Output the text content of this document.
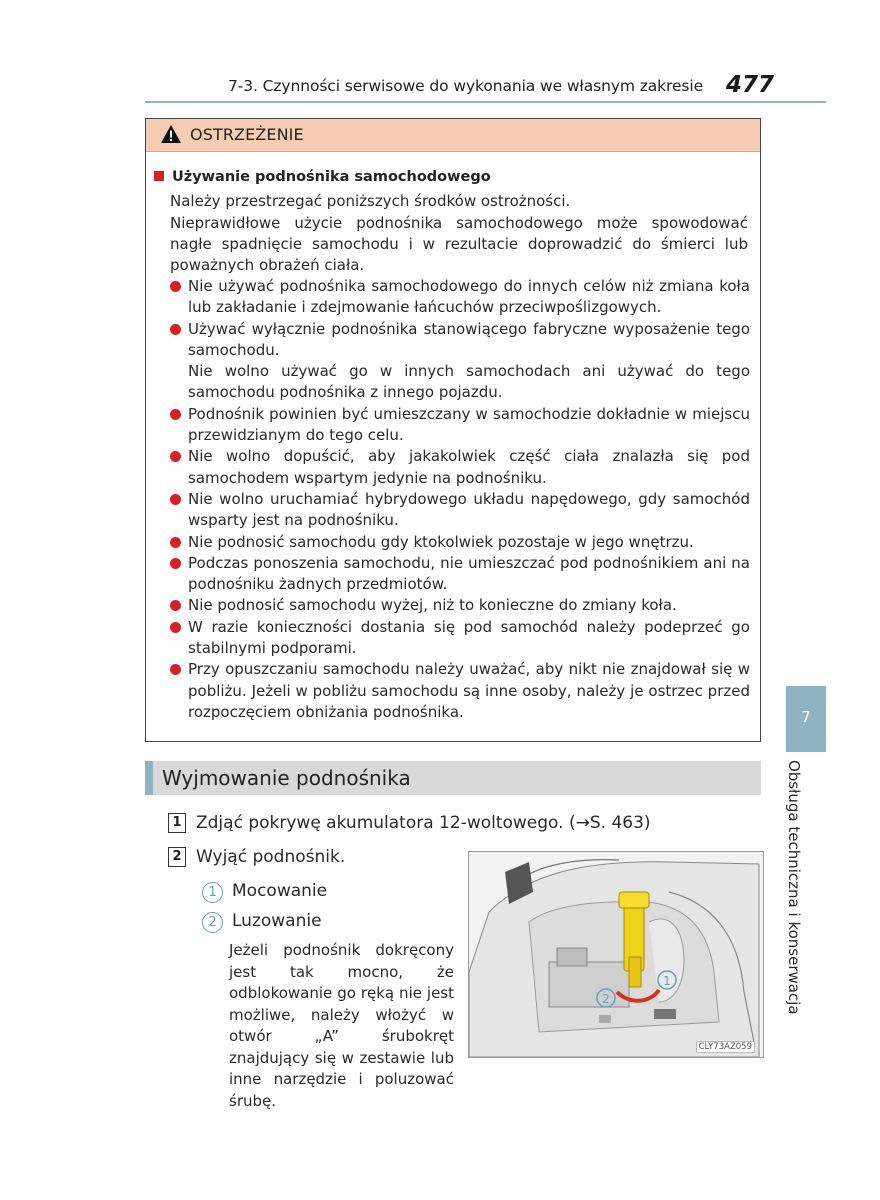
7-3. Czynności serwisowe do wykonania we własnym zakresie 477
OSTRZEŻENIE
Używanie podnośnika samochodowego
Należy przestrzegać poniższych środków ostrożności.
Nieprawidłowe użycie podnośnika samochodowego może spowodować nagłe spadnięcie samochodu i w rezultacie doprowadzić do śmierci lub poważnych obrażeń ciała.
Nie używać podnośnika samochodowego do innych celów niż zmiana koła lub zakładanie i zdejmowanie łańcuchów przeciwpoślizgowych.
Używać wyłącznie podnośnika stanowiącego fabryczne wyposażenie tego samochodu.
Nie wolno używać go w innych samochodach ani używać do tego samochodu podnośnika z innego pojazdu.
Podnośnik powinien być umieszczany w samochodzie dokładnie w miejscu przewidzianym do tego celu.
Nie wolno dopuścić, aby jakakolwiek część ciała znalazła się pod samochodem wspartym jedynie na podnośniku.
Nie wolno uruchamiać hybrydowego układu napędowego, gdy samochód wsparty jest na podnośniku.
Nie podnosić samochodu gdy ktokolwiek pozostaje w jego wnętrzu.
Podczas ponoszenia samochodu, nie umieszczać pod podnośnikiem ani na podnośniku żadnych przedmiotów.
Nie podnosić samochodu wyżej, niż to konieczne do zmiany koła.
W razie konieczności dostania się pod samochód należy podeprzeć go stabilnymi podporami.
Przy opuszczaniu samochodu należy uważać, aby nikt nie znajdował się w pobliżu. Jeżeli w pobliżu samochodu są inne osoby, należy je ostrzec przed rozpoczęciem obniżania podnośnika.
Wyjmowanie podnośnika
1 Zdjąć pokrywę akumulatora 12-woltowego. (→S. 463)
2 Wyjąć podnośnik.
1 Mocowanie
2 Luzowanie
Jeżeli podnośnik dokręcony jest tak mocno, że odblokowanie go ręką nie jest możliwe, należy włożyć w otwór „A” śrubokręt znajdujący się w zestawie lub inne narzędzie i poluzować śrubę.
1
2
CLY73AZ059
7
Obsługa techniczna i konserwacja
